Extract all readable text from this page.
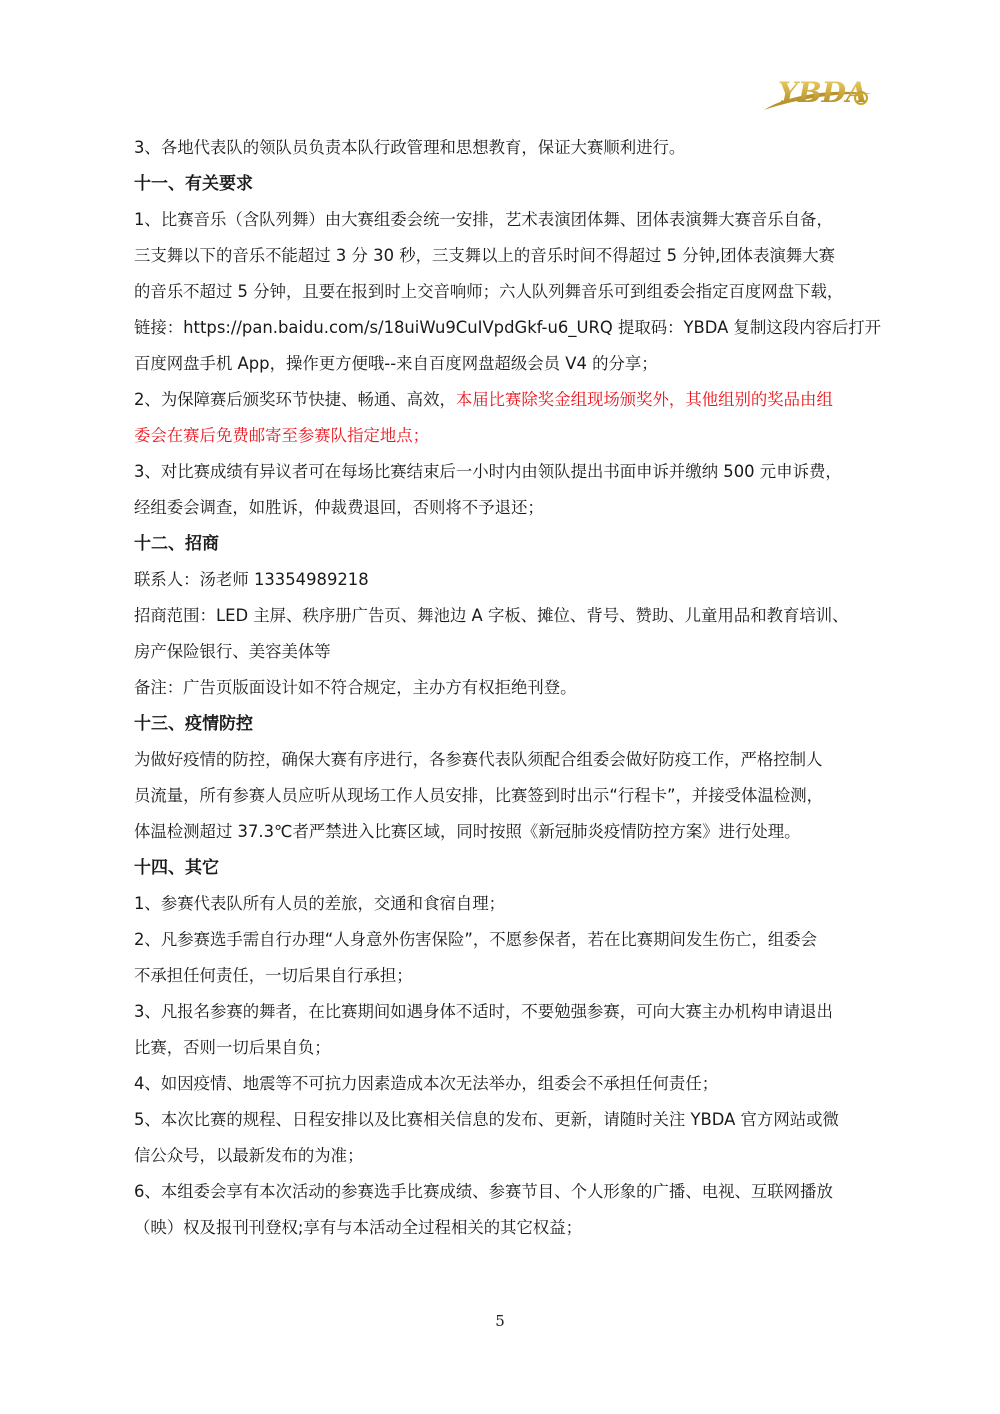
YBDA
3、各地代表队的领队员负责本队行政管理和思想教育，保证大赛顺利进行。
十一、有关要求
1、比赛音乐（含队列舞）由大赛组委会统一安排，艺术表演团体舞、团体表演舞大赛音乐自备，
三支舞以下的音乐不能超过 3 分 30 秒，三支舞以上的音乐时间不得超过 5 分钟,团体表演舞大赛
的音乐不超过 5 分钟，且要在报到时上交音响师；六人队列舞音乐可到组委会指定百度网盘下载，
链接：https://pan.baidu.com/s/18uiWu9CuIVpdGkf-u6_URQ 提取码：YBDA 复制这段内容后打开
百度网盘手机 App，操作更方便哦--来自百度网盘超级会员 V4 的分享；
2、为保障赛后颁奖环节快捷、畅通、高效，本届比赛除奖金组现场颁奖外，其他组别的奖品由组
委会在赛后免费邮寄至参赛队指定地点；
3、对比赛成绩有异议者可在每场比赛结束后一小时内由领队提出书面申诉并缴纳 500 元申诉费，
经组委会调查，如胜诉，仲裁费退回，否则将不予退还；
十二、招商
联系人：汤老师 13354989218
招商范围：LED 主屏、秩序册广告页、舞池边 A 字板、摊位、背号、赞助、儿童用品和教育培训、
房产保险银行、美容美体等
备注：广告页版面设计如不符合规定，主办方有权拒绝刊登。
十三、疫情防控
为做好疫情的防控，确保大赛有序进行，各参赛代表队须配合组委会做好防疫工作，严格控制人
员流量，所有参赛人员应听从现场工作人员安排，比赛签到时出示“行程卡”，并接受体温检测，
体温检测超过 37.3℃者严禁进入比赛区域，同时按照《新冠肺炎疫情防控方案》进行处理。
十四、其它
1、参赛代表队所有人员的差旅，交通和食宿自理；
2、凡参赛选手需自行办理“人身意外伤害保险”，不愿参保者，若在比赛期间发生伤亡，组委会
不承担任何责任，一切后果自行承担；
3、凡报名参赛的舞者，在比赛期间如遇身体不适时，不要勉强参赛，可向大赛主办机构申请退出
比赛，否则一切后果自负；
4、如因疫情、地震等不可抗力因素造成本次无法举办，组委会不承担任何责任；
5、本次比赛的规程、日程安排以及比赛相关信息的发布、更新，请随时关注 YBDA 官方网站或微
信公众号，以最新发布的为准；
6、本组委会享有本次活动的参赛选手比赛成绩、参赛节目、个人形象的广播、电视、互联网播放
（映）权及报刊刊登权;享有与本活动全过程相关的其它权益；
5
